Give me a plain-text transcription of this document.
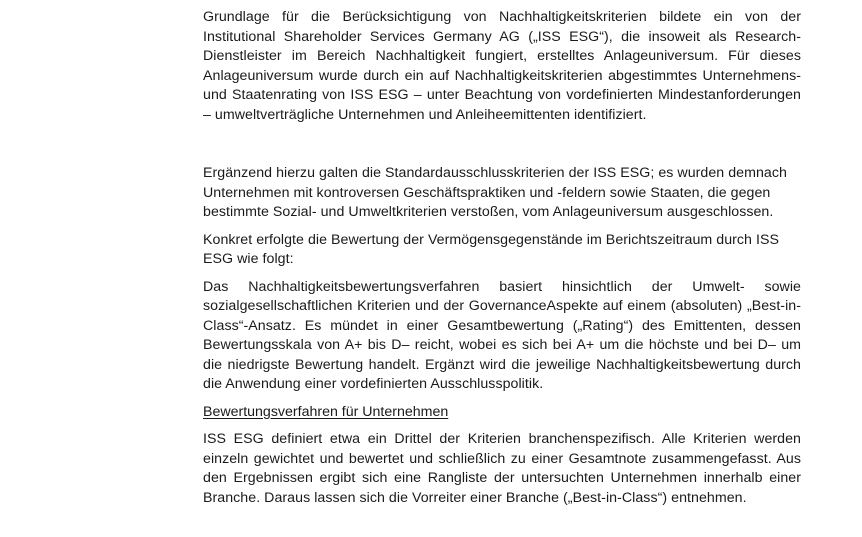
Grundlage für die Berücksichtigung von Nachhaltigkeitskriterien bildete ein von der Institutional Shareholder Services Germany AG („ISS ESG“), die insoweit als Research-Dienstleister im Bereich Nachhaltigkeit fungiert, erstelltes Anlageuniversum. Für dieses Anlageuniversum wurde durch ein auf Nachhaltigkeitskriterien abgestimmtes Unternehmens- und Staatenrating von ISS ESG – unter Beachtung von vordefinierten Mindestanforderungen – umweltverträgliche Unternehmen und Anleiheemittenten identifiziert.

Ergänzend hierzu galten die Standardausschlusskriterien der ISS ESG; es wurden demnach Unternehmen mit kontroversen Geschäftspraktiken und -feldern sowie Staaten, die gegen bestimmte Sozial- und Umweltkriterien verstoßen, vom Anlageuniversum ausgeschlossen.

Konkret erfolgte die Bewertung der Vermögensgegenstände im Berichtszeitraum durch ISS ESG wie folgt:

Das Nachhaltigkeitsbewertungsverfahren basiert hinsichtlich der Umwelt- sowie sozialgesellschaftlichen Kriterien und der GovernanceAspekte auf einem (absoluten) „Best-in-Class“-Ansatz. Es mündet in einer Gesamtbewertung („Rating“) des Emittenten, dessen Bewertungsskala von A+ bis D– reicht, wobei es sich bei A+ um die höchste und bei D– um die niedrigste Bewertung handelt. Ergänzt wird die jeweilige Nachhaltigkeitsbewertung durch die Anwendung einer vordefinierten Ausschlusspolitik.

Bewertungsverfahren für Unternehmen

ISS ESG definiert etwa ein Drittel der Kriterien branchenspezifisch. Alle Kriterien werden einzeln gewichtet und bewertet und schließlich zu einer Gesamtnote zusammengefasst. Aus den Ergebnissen ergibt sich eine Rangliste der untersuchten Unternehmen innerhalb einer Branche. Daraus lassen sich die Vorreiter einer Branche („Best-in-Class“) entnehmen.
